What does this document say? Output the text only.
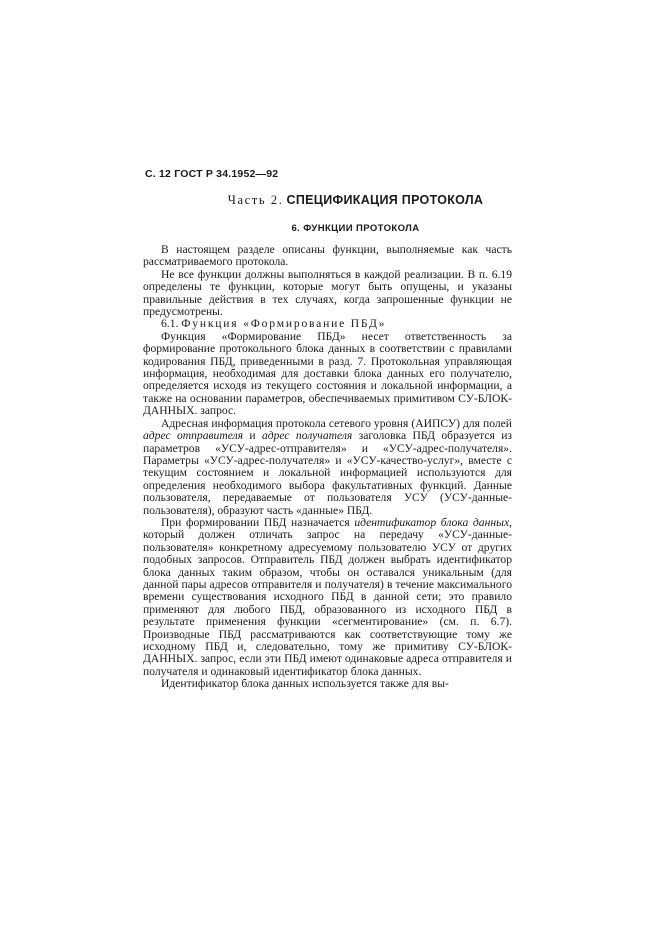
С. 12 ГОСТ Р 34.1952—92
Часть 2. СПЕЦИФИКАЦИЯ ПРОТОКОЛА
6. ФУНКЦИИ ПРОТОКОЛА

В настоящем разделе описаны функции, выполняемые как часть рассматриваемого протокола.

Не все функции должны выполняться в каждой реализации. В п. 6.19 определены те функции, которые могут быть опущены, и указаны правильные действия в тех случаях, когда запрошенные функции не предусмотрены.

6.1. Функция «Формирование ПБД»

Функция «Формирование ПБД» несет ответственность за формирование протокольного блока данных в соответствии с правилами кодирования ПБД, приведенными в разд. 7. Протокольная управляющая информация, необходимая для доставки блока данных его получателю, определяется исходя из текущего состояния и локальной информации, а также на основании параметров, обеспечиваемых примитивом СУ-БЛОК-ДАННЫХ. запрос.

Адресная информация протокола сетевого уровня (АИПСУ) для полей адрес отправителя и адрес получателя заголовка ПБД образуется из параметров «УСУ-адрес-отправителя» и «УСУ-адрес-получателя». Параметры «УСУ-адрес-получателя» и «УСУ-качество-услуг», вместе с текущим состоянием и локальной информацией используются для определения необходимого выбора факультативных функций. Данные пользователя, передаваемые от пользователя УСУ (УСУ-данные-пользователя), образуют часть «данные» ПБД.

При формировании ПБД назначается идентификатор блока данных, который должен отличать запрос на передачу «УСУ-данные-пользователя» конкретному адресуемому пользователю УСУ от других подобных запросов. Отправитель ПБД должен выбрать идентификатор блока данных таким образом, чтобы он оставался уникальным (для данной пары адресов отправителя и получателя) в течение максимального времени существования исходного ПБД в данной сети; это правило применяют для любого ПБД, образованного из исходного ПБД в результате применения функции «сегментирование» (см. п. 6.7). Производные ПБД рассматриваются как соответствующие тому же исходному ПБД и, следовательно, тому же примитиву СУ-БЛОК-ДАННЫХ. запрос, если эти ПБД имеют одинаковые адреса отправителя и получателя и одинаковый идентификатор блока данных.

Идентификатор блока данных используется также для вы-
